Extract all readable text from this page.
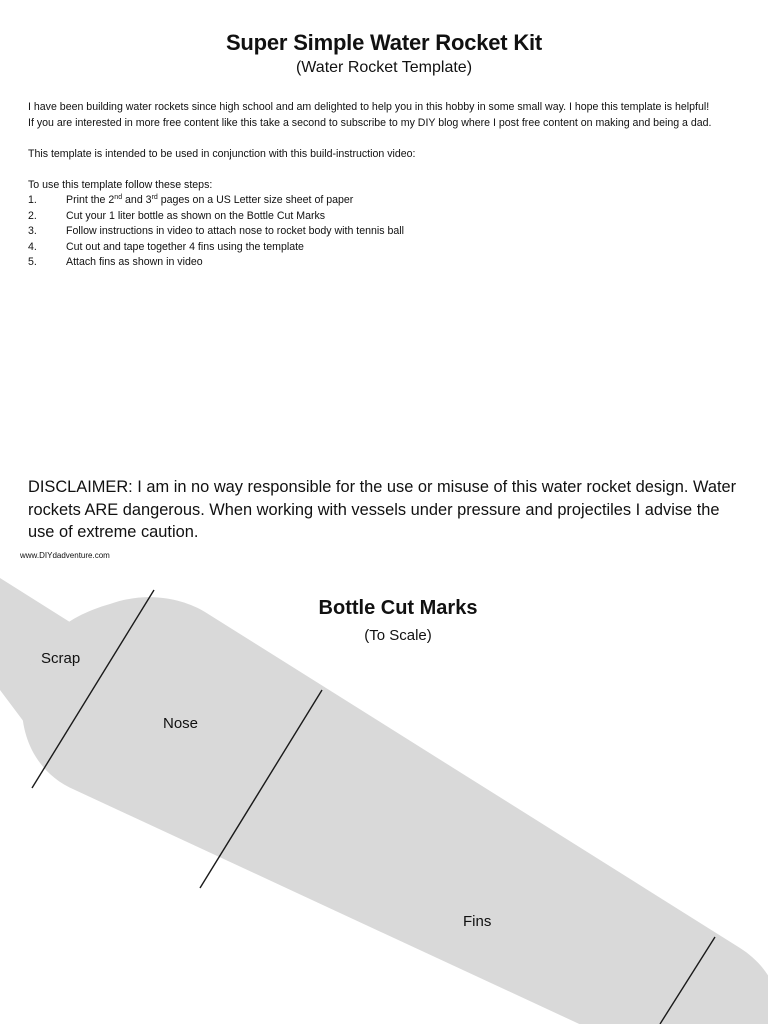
Super Simple Water Rocket Kit
(Water Rocket Template)

I have been building water rockets since high school and am delighted to help you in this hobby in some small way. I hope this template is helpful!

If you are interested in more free content like this take a second to subscribe to my DIY blog where I post free content on making and being a dad.

This template is intended to be used in conjunction with this build-instruction video:

To use this template follow these steps:

1.	Print the 2nd and 3rd pages on a US Letter size sheet of paper
2.	Cut your 1 liter bottle as shown on the Bottle Cut Marks
3.	Follow instructions in video to attach nose to rocket body with tennis ball
4.	Cut out and tape together 4 fins using the template
5.	Attach fins as shown in video
DISCLAIMER: I am in no way responsible for the use or misuse of this water rocket design. Water rockets ARE dangerous. When working with vessels under pressure and projectiles I advise the use of extreme caution.
www.DIYdadventure.com
Bottle Cut Marks
(To Scale)
Scrap
Nose
Fins
